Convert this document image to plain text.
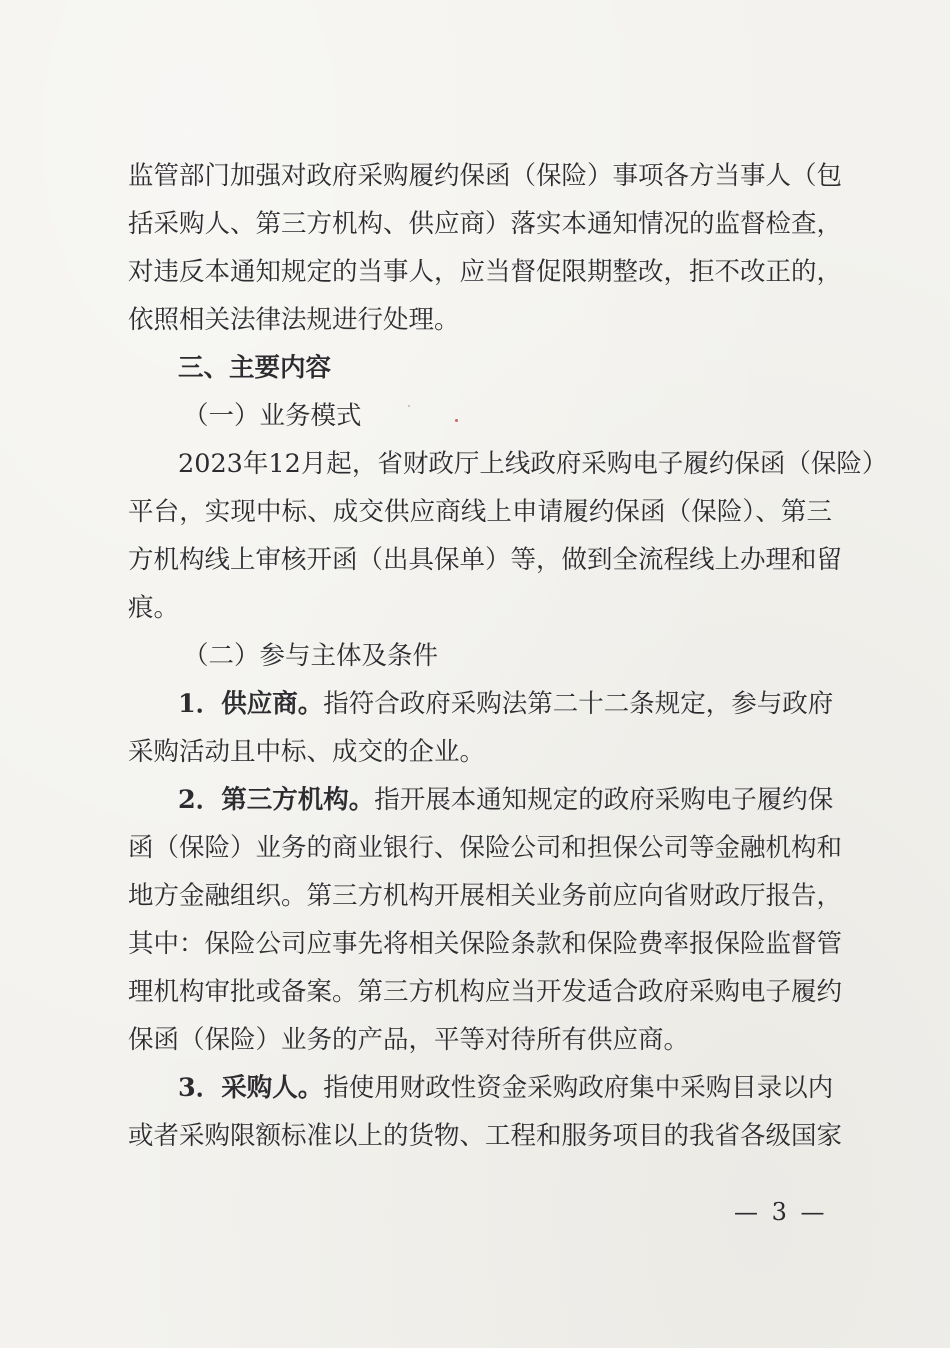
监管部门加强对政府采购履约保函（保险）事项各方当事人（包
括采购人、第三方机构、供应商）落实本通知情况的监督检查，
对违反本通知规定的当事人，应当督促限期整改，拒不改正的，
依照相关法律法规进行处理。
三、主要内容
（一）业务模式
2023年12月起，省财政厅上线政府采购电子履约保函（保险）
平台，实现中标、成交供应商线上申请履约保函（保险）、第三
方机构线上审核开函（出具保单）等，做到全流程线上办理和留
痕。
（二）参与主体及条件
1．供应商。指符合政府采购法第二十二条规定，参与政府
采购活动且中标、成交的企业。
2．第三方机构。指开展本通知规定的政府采购电子履约保
函（保险）业务的商业银行、保险公司和担保公司等金融机构和
地方金融组织。第三方机构开展相关业务前应向省财政厅报告，
其中：保险公司应事先将相关保险条款和保险费率报保险监督管
理机构审批或备案。第三方机构应当开发适合政府采购电子履约
保函（保险）业务的产品，平等对待所有供应商。
3．采购人。指使用财政性资金采购政府集中采购目录以内
或者采购限额标准以上的货物、工程和服务项目的我省各级国家
— 3 —
